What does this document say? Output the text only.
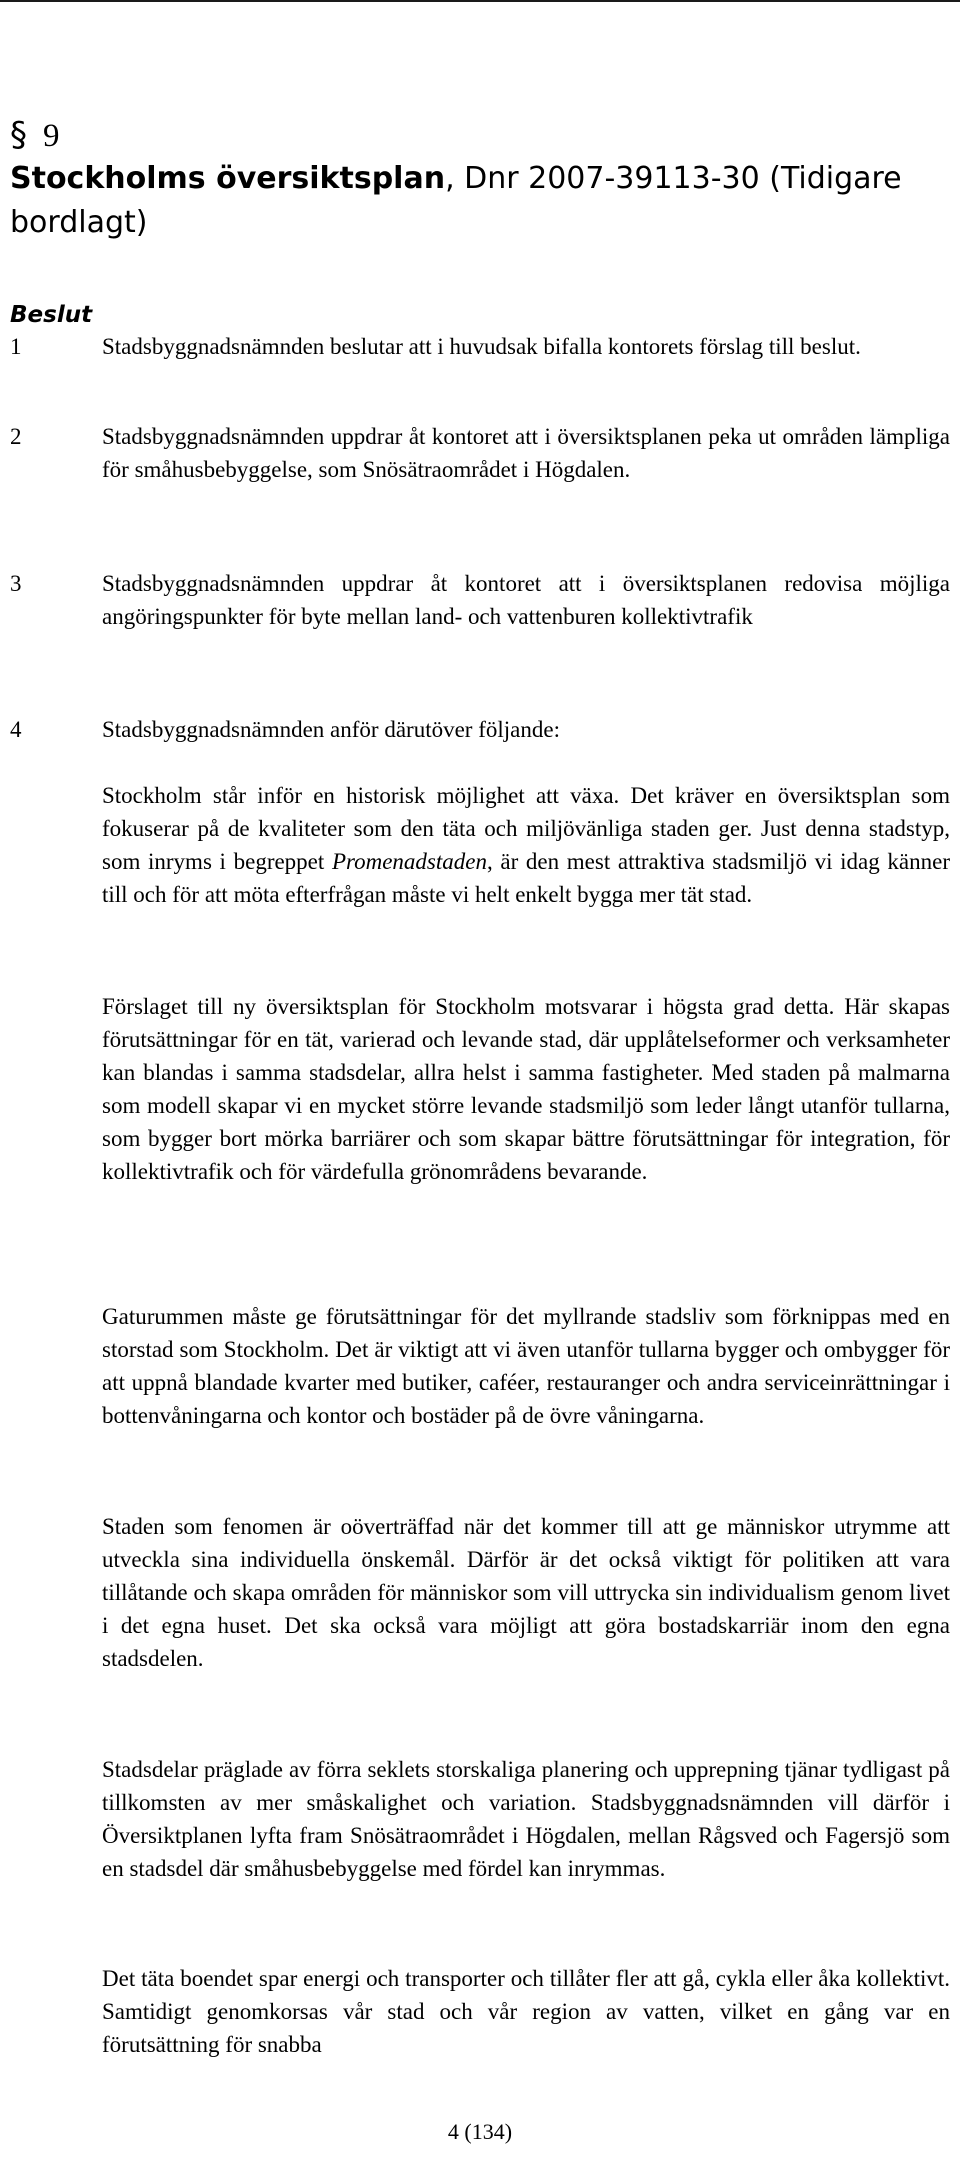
§ 9
Stockholms översiktsplan, Dnr 2007-39113-30 (Tidigare bordlagt)
Beslut
1	Stadsbyggnadsnämnden beslutar att i huvudsak bifalla kontorets förslag till beslut.
2	Stadsbyggnadsnämnden uppdrar åt kontoret att i översiktsplanen peka ut områden lämpliga för småhusbebyggelse, som Snösätraområdet i Högdalen.
3	Stadsbyggnadsnämnden uppdrar åt kontoret att i översiktsplanen redovisa möjliga angöringspunkter för byte mellan land- och vattenburen kollektivtrafik
4	Stadsbyggnadsnämnden anför därutöver följande:

Stockholm står inför en historisk möjlighet att växa. Det kräver en översiktsplan som fokuserar på de kvaliteter som den täta och miljövänliga staden ger. Just denna stadstyp, som inryms i begreppet Promenadstaden, är den mest attraktiva stadsmiljö vi idag känner till och för att möta efterfrågan måste vi helt enkelt bygga mer tät stad.

Förslaget till ny översiktsplan för Stockholm motsvarar i högsta grad detta. Här skapas förutsättningar för en tät, varierad och levande stad, där upplåtelseformer och verksamheter kan blandas i samma stadsdelar, allra helst i samma fastigheter. Med staden på malmarna som modell skapar vi en mycket större levande stadsmiljö som leder långt utanför tullarna, som bygger bort mörka barriärer och som skapar bättre förutsättningar för integration, för kollektivtrafik och för värdefulla grönområdens bevarande.

Gaturummen måste ge förutsättningar för det myllrande stadsliv som förknippas med en storstad som Stockholm. Det är viktigt att vi även utanför tullarna bygger och ombygger för att uppnå blandade kvarter med butiker, caféer, restauranger och andra serviceinrättningar i bottenvåningarna och kontor och bostäder på de övre våningarna.

Staden som fenomen är oöverträffad när det kommer till att ge människor utrymme att utveckla sina individuella önskemål. Därför är det också viktigt för politiken att vara tillåtande och skapa områden för människor som vill uttrycka sin individualism genom livet i det egna huset. Det ska också vara möjligt att göra bostadskarriär inom den egna stadsdelen.

Stadsdelar präglade av förra seklets storskaliga planering och upprepning tjänar tydligast på tillkomsten av mer småskalighet och variation. Stadsbyggnadsnämnden vill därför i Översiktplanen lyfta fram Snösätraområdet i Högdalen, mellan Rågsved och Fagersjö som en stadsdel där småhusbebyggelse med fördel kan inrymmas.

Det täta boendet spar energi och transporter och tillåter fler att gå, cykla eller åka kollektivt. Samtidigt genomkorsas vår stad och vår region av vatten, vilket en gång var en förutsättning för snabba

4 (134)
